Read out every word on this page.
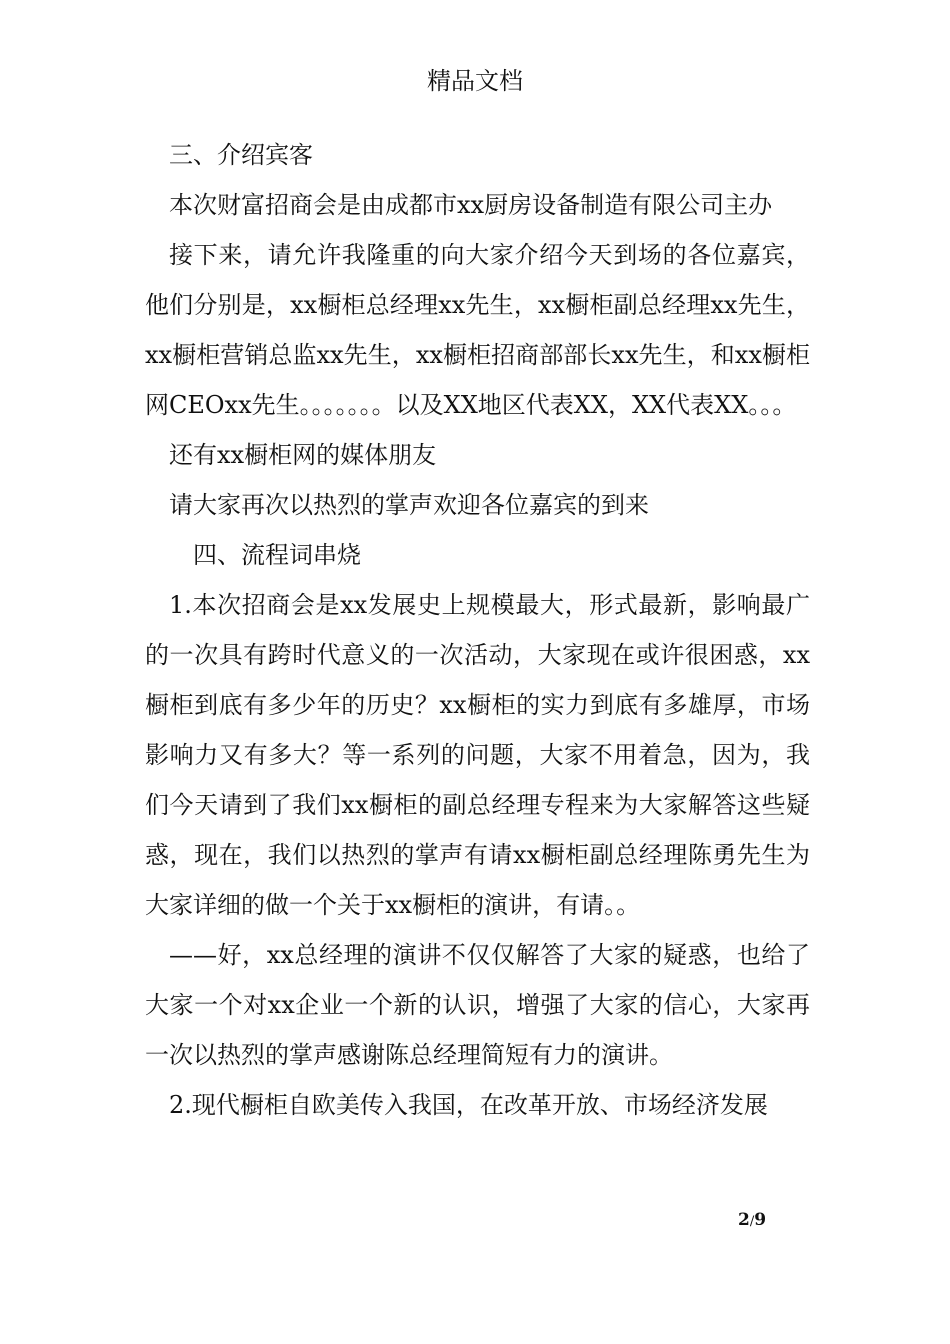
精品文档

三、介绍宾客

本次财富招商会是由成都市xx厨房设备制造有限公司主办

接下来，请允许我隆重的向大家介绍今天到场的各位嘉宾，他们分别是，xx橱柜总经理xx先生，xx橱柜副总经理xx先生，xx橱柜营销总监xx先生，xx橱柜招商部部长xx先生，和xx橱柜网CEOxx先生。。。。。。。以及XX地区代表XX，XX代表XX。。。

还有xx橱柜网的媒体朋友

请大家再次以热烈的掌声欢迎各位嘉宾的到来

四、流程词串烧

1.本次招商会是xx发展史上规模最大，形式最新，影响最广的一次具有跨时代意义的一次活动，大家现在或许很困惑，xx橱柜到底有多少年的历史？xx橱柜的实力到底有多雄厚，市场影响力又有多大？等一系列的问题，大家不用着急，因为，我们今天请到了我们xx橱柜的副总经理专程来为大家解答这些疑惑，现在，我们以热烈的掌声有请xx橱柜副总经理陈勇先生为大家详细的做一个关于xx橱柜的演讲，有请。。

——好，xx总经理的演讲不仅仅解答了大家的疑惑，也给了大家一个对xx企业一个新的认识，增强了大家的信心，大家再一次以热烈的掌声感谢陈总经理简短有力的演讲。

2.现代橱柜自欧美传入我国，在改革开放、市场经济发展

2/9
